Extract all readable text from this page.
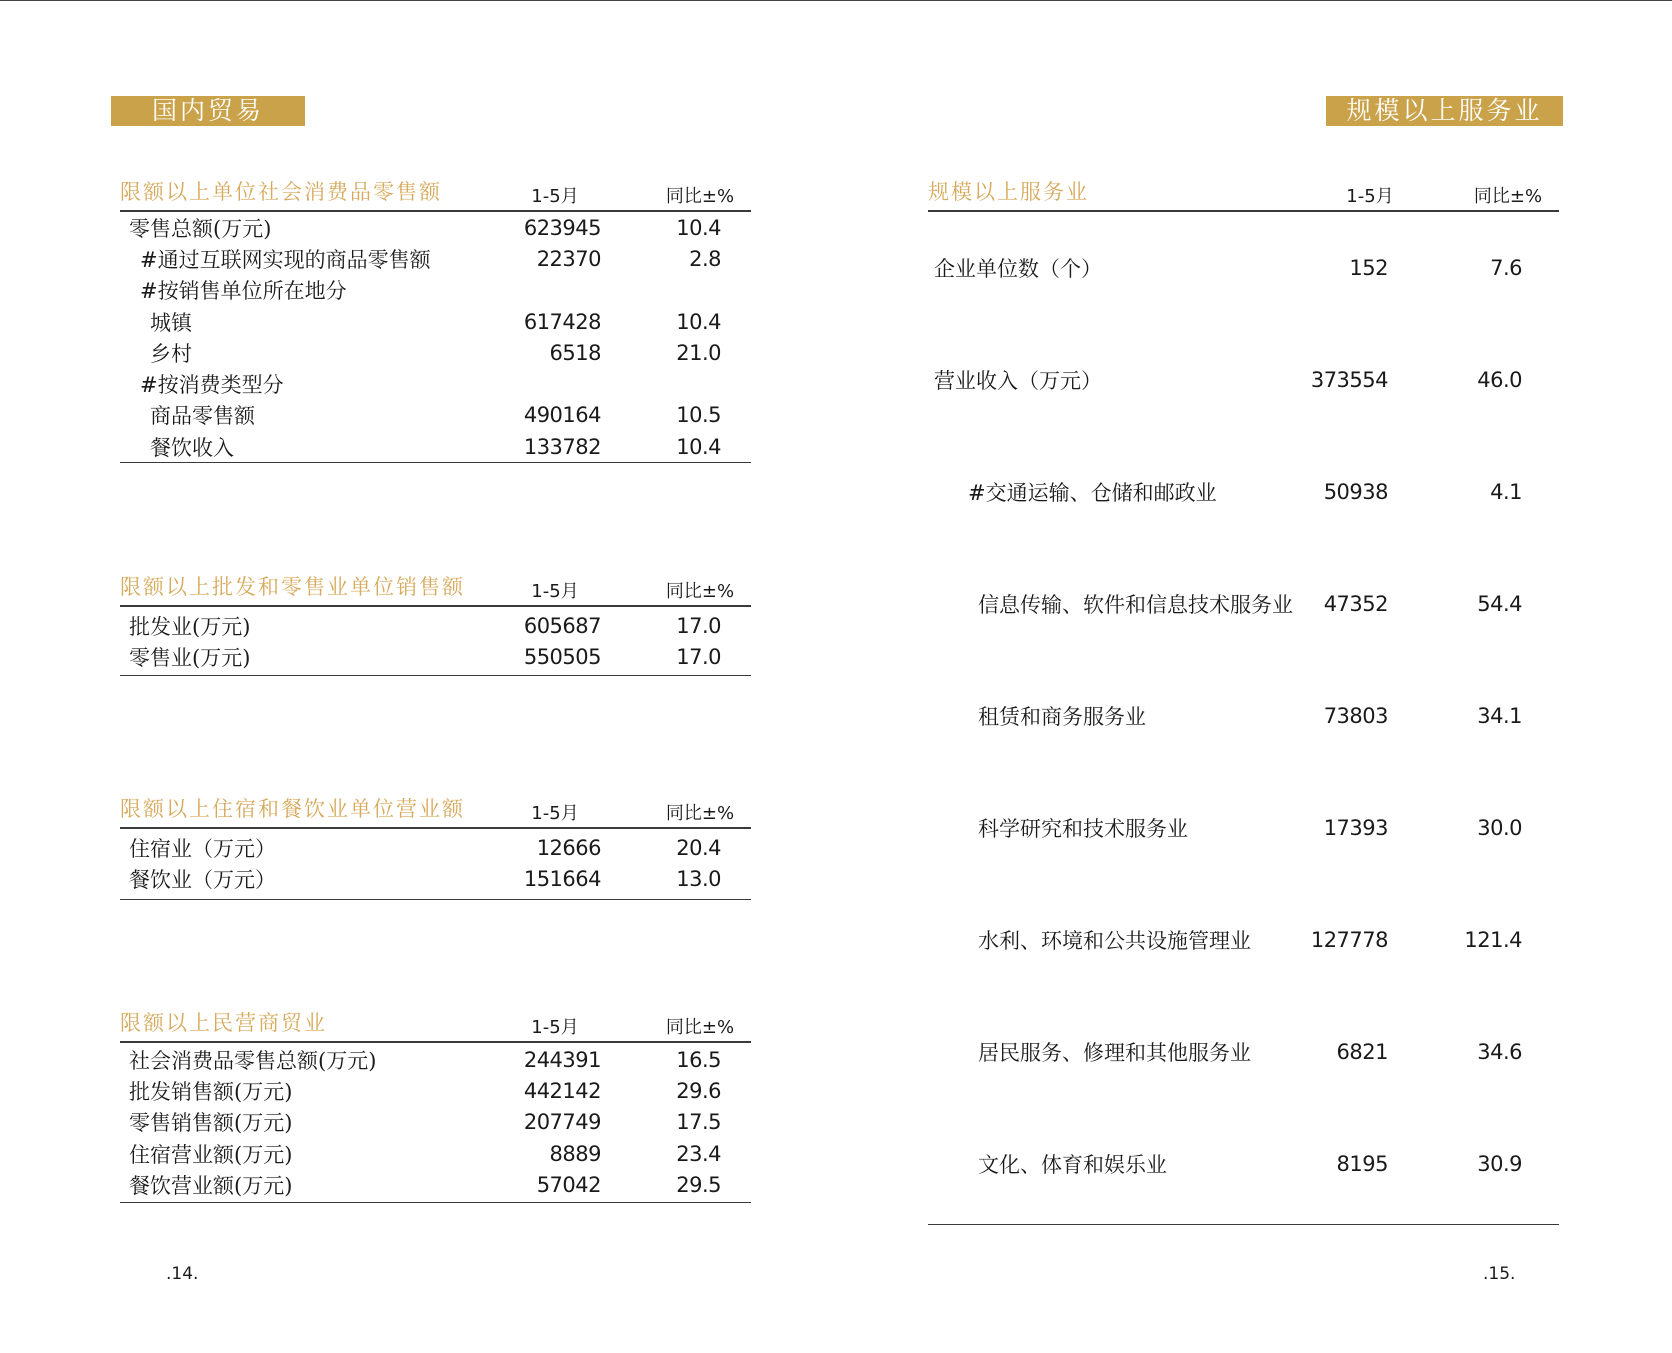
国内贸易	规模以上服务业
限额以上单位社会消费品零售额	1-5月	同比±%
零售总额(万元)	623945	10.4
#通过互联网实现的商品零售额	22370	2.8
#按销售单位所在地分
城镇	617428	10.4
乡村	6518	21.0
#按消费类型分
商品零售额	490164	10.5
餐饮收入	133782	10.4
限额以上批发和零售业单位销售额	1-5月	同比±%
批发业(万元)	605687	17.0
零售业(万元)	550505	17.0
限额以上住宿和餐饮业单位营业额	1-5月	同比±%
住宿业（万元）	12666	20.4
餐饮业（万元）	151664	13.0
限额以上民营商贸业	1-5月	同比±%
社会消费品零售总额(万元)	244391	16.5
批发销售额(万元)	442142	29.6
零售销售额(万元)	207749	17.5
住宿营业额(万元)	8889	23.4
餐饮营业额(万元)	57042	29.5
规模以上服务业	1-5月	同比±%
企业单位数（个）	152	7.6
营业收入（万元）	373554	46.0
#交通运输、仓储和邮政业	50938	4.1
信息传输、软件和信息技术服务业 47352	54.4
租赁和商务服务业	73803	34.1
科学研究和技术服务业	17393	30.0
水利、环境和公共设施管理业	127778	121.4
居民服务、修理和其他服务业	6821	34.6
文化、体育和娱乐业	8195	30.9
.14.	.15.
